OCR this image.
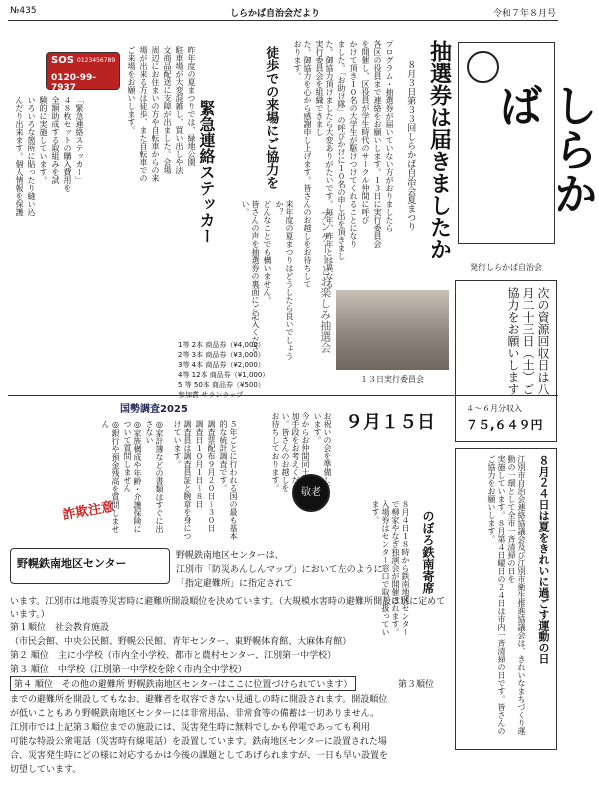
№435	しらかば自治会だより	令和７年８月号
しらかば
発行しらかば自治会
抽選券は届きましたか
８月３日第３３回しらかば自治会夏まつり
プログラム・抽選券が届いていない方がおりましたら
各区の役員まで連絡をお願いします。１３日に実行委員会
を開催し、区役員が学生時代のサークル仲間に呼び
かけて頂き１０名の大学生が駆けつけてくれることになり
ました。「お助け隊」の呼びかけに１０名の申し出を頂きまし
た。御協力頂けましたら大変ありがたいです。毎年、昨年とは異なる実行委員会を組織できまし
た。御協力を心から感謝申し上げます。皆さんのお越しをお待ちしております。
１３日実行委員会	次の資源回収日は八月二十三日（土）ご協力をお願いします
４～６月分収入
７５,６４９円
SOS 0123456789
0120-99-7937
緊急連絡ステッカー
「緊急連絡ステッカー」
４８枚セットの購入費用を
全額助成する取組みを試
験的に実施しています。
いろいろな箇所に貼ったり縫い込
んだり出来ます。個人情報を保護	徒歩での来場にご協力を
昨年度の夏まつりでは、緑地公園
駐車場が大変混雑し、買い出しや法
文商品配送に支障が出ました。会場
周辺にお住まいの方や自転車からの来
場が出来る方は徒歩、また自転車での
ご来場をお願いします。
アンケートとお楽しみ抽選会
来年度の夏まつりはどうしたら良いでしょうか？
どんなことでも構いません。
皆さんの声を抽選券の裏面にご記入ください。
1等 2本 商品券（¥4,000）
2等 3本 商品券（¥3,000）
3等 4本 商品券（¥2,000）
4等 12本 商品券（¥1,000）
5 等 50本 商品券（¥500）
参加賞 サランラップ
国勢調査2025
５年ごとに行われる国の最も基本的な統計調査です。
調査票配布９月２０日～３０日
調査日１０月１日～８日
調査員は調査員証と腕章を身につけています。
詐欺注意	◎家計簿などの書類はすぐに出さない
◎家族構成や年齢・介護保険について質問しません
◎銀行や預金残高を質問しません	９月１５日
敬老
お祝いの会を準備しています。
今からお仲間同士で参加手段をお考えください。皆さんのお越しをお待ちしております。
のぼろ鉄南寄席
８月４日１８時から鉄南地区センターで柳家やなぎ独演会が開催されます。入場券はセンター窓口で取り扱っています。	８月２４日は夏をきれいに過ごす運動の日
江別市自治会連絡協議会及び江別市衛生推進協議会は、きれいなまちづくり運動の一環として全市一斉清掃の日を
実施しています。８月第４日曜日の２４日は市内一斉清掃の日です。皆さんのご協力をお願いします。
野幌鉄南地区センター
野幌鉄南地区センターは、
江別市「防災あんしんマップ」において左のように
「指定避難所」に指定されて
います。江別市は地震等災害時に避難所開設順位を決めています。（大規模水害時の避難所開設は別に定めています。）
第１順位　社会教育施設
（市民会館、中央公民館、野幌公民館、青年センター、東野幌体育館、大麻体育館）
第２ 順位　主に小学校（市内全小学校、都市と農村センター、江別第一中学校）
第３ 順位　中学校（江別第一中学校を除く市内全中学校）
第４ 順位　その他の避難所 野幌鉄南地区センターはここに位置づけられています）	第３順位
までの避難所を開設してもなお、避難者を収容できない見通しの時に開設されます。開設順位
が低いこともあり野幌鉄南地区センターには非常用品、非常食等の備蓄は一切ありません。
江別市では上記第３順位までの施設には、災害発生時に無料でしかも停電であっても利用
可能な特設公衆電話（災害時有線電話）を設置しています。鉄南地区センターに設置された場
合、災害発生時にどの様に対応するかは今後の課題としてあげられますが、一日も早い設置を
切望しています。
